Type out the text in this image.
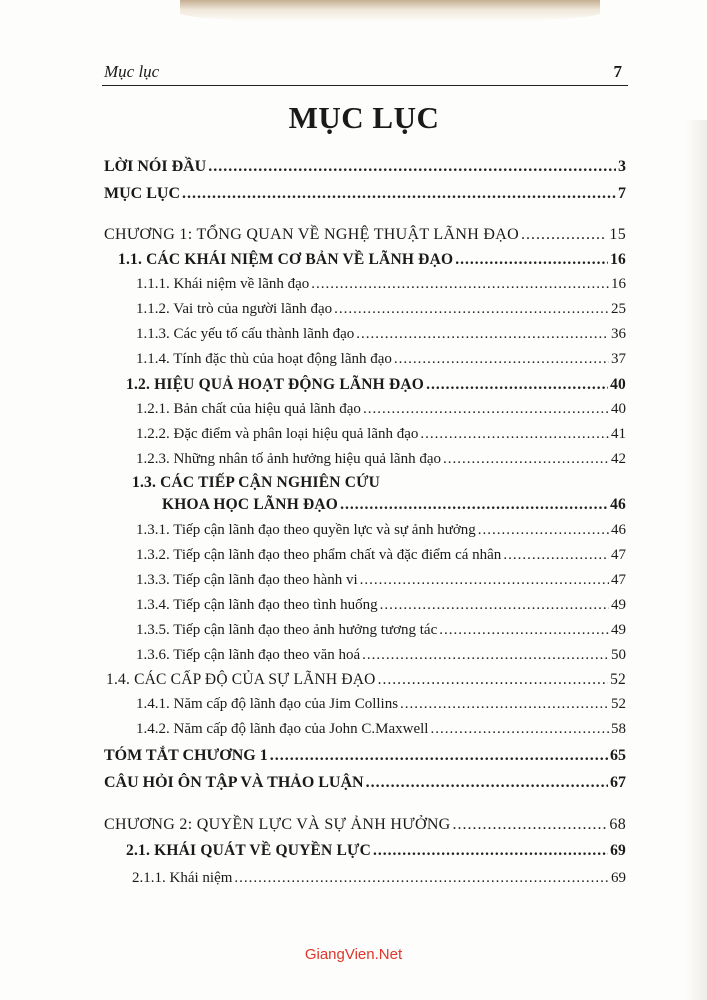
Mục lục	7
MỤC LỤC
LỜI NÓI ĐẦU .....	3
MỤC LỤC .....	7
CHƯƠNG 1: TỔNG QUAN VỀ NGHỆ THUẬT LÃNH ĐẠO .....	15
1.1. CÁC KHÁI NIỆM CƠ BẢN VỀ LÃNH ĐẠO .....	16
1.1.1. Khái niệm về lãnh đạo .....	16
1.1.2. Vai trò của người lãnh đạo .....	25
1.1.3. Các yếu tố cấu thành lãnh đạo .....	36
1.1.4. Tính đặc thù của hoạt động lãnh đạo .....	37
1.2. HIỆU QUẢ HOẠT ĐỘNG LÃNH ĐẠO .....	40
1.2.1. Bản chất của hiệu quả lãnh đạo .....	40
1.2.2. Đặc điểm và phân loại hiệu quả lãnh đạo .....	41
1.2.3. Những nhân tố ảnh hưởng hiệu quả lãnh đạo .....	42
1.3. CÁC TIẾP CẬN NGHIÊN CỨU
KHOA HỌC LÃNH ĐẠO .....	46
1.3.1. Tiếp cận lãnh đạo theo quyền lực và sự ảnh hưởng .....	46
1.3.2. Tiếp cận lãnh đạo theo phẩm chất và đặc điểm cá nhân .....	47
1.3.3. Tiếp cận lãnh đạo theo hành vi .....	47
1.3.4. Tiếp cận lãnh đạo theo tình huống .....	49
1.3.5. Tiếp cận lãnh đạo theo ảnh hưởng tương tác .....	49
1.3.6. Tiếp cận lãnh đạo theo văn hoá .....	50
1.4. CÁC CẤP ĐỘ CỦA SỰ LÃNH ĐẠO .....	52
1.4.1. Năm cấp độ lãnh đạo của Jim Collins .....	52
1.4.2. Năm cấp độ lãnh đạo của John C.Maxwell .....	58
TÓM TẮT CHƯƠNG 1 .....	65
CÂU HỎI ÔN TẬP VÀ THẢO LUẬN .....	67
CHƯƠNG 2: QUYỀN LỰC VÀ SỰ ẢNH HƯỞNG .....	68
2.1. KHÁI QUÁT VỀ QUYỀN LỰC .....	69
2.1.1. Khái niệm .....	69
GiangVien.Net
